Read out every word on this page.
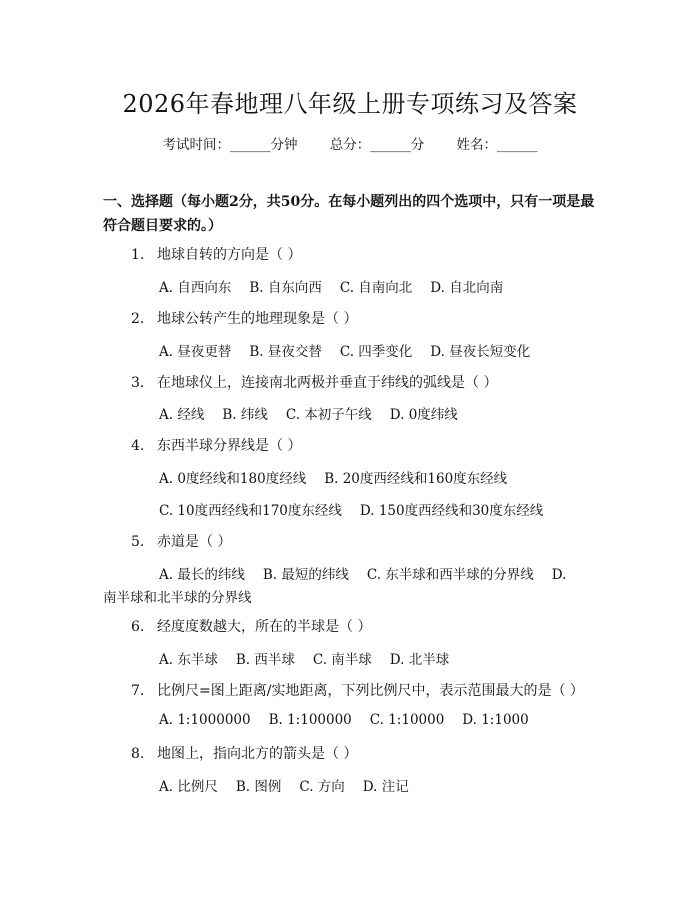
2026年春地理八年级上册专项练习及答案
考试时间：______分钟 总分：______分 姓名：______
一、选择题（每小题2分，共50分。在每小题列出的四个选项中，只有一项是最符合题目要求的。）
1. 地球自转的方向是（ ）
A. 自西向东 B. 自东向西 C. 自南向北 D. 自北向南
2. 地球公转产生的地理现象是（ ）
A. 昼夜更替 B. 昼夜交替 C. 四季变化 D. 昼夜长短变化
3. 在地球仪上，连接南北两极并垂直于纬线的弧线是（ ）
A. 经线 B. 纬线 C. 本初子午线 D. 0度纬线
4. 东西半球分界线是（ ）
A. 0度经线和180度经线 B. 20度西经线和160度东经线
C. 10度西经线和170度东经线 D. 150度西经线和30度东经线
5. 赤道是（ ）
A. 最长的纬线 B. 最短的纬线 C. 东半球和西半球的分界线 D.
南半球和北半球的分界线
6. 经度度数越大，所在的半球是（ ）
A. 东半球 B. 西半球 C. 南半球 D. 北半球
7. 比例尺=图上距离/实地距离，下列比例尺中，表示范围最大的是（ ）
A. 1:1000000 B. 1:100000 C. 1:10000 D. 1:1000
8. 地图上，指向北方的箭头是（ ）
A. 比例尺 B. 图例 C. 方向 D. 注记
